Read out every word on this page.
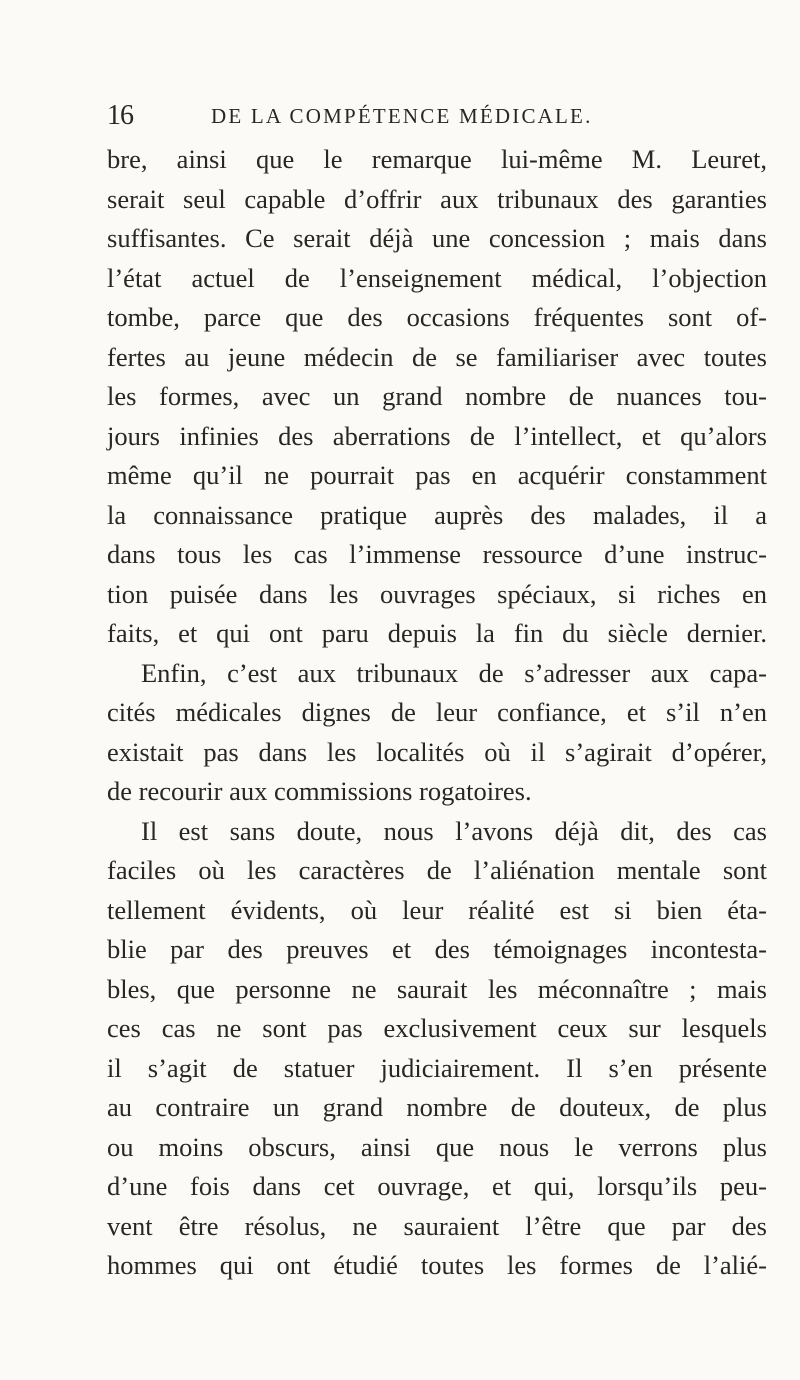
16	DE LA COMPÉTENCE MÉDICALE.
bre, ainsi que le remarque lui-même M. Leuret,
serait seul capable d’offrir aux tribunaux des garanties
suffisantes. Ce serait déjà une concession ; mais dans
l’état actuel de l’enseignement médical, l’objection
tombe, parce que des occasions fréquentes sont of-
fertes au jeune médecin de se familiariser avec toutes
les formes, avec un grand nombre de nuances tou-
jours infinies des aberrations de l’intellect, et qu’alors
même qu’il ne pourrait pas en acquérir constamment
la connaissance pratique auprès des malades, il a
dans tous les cas l’immense ressource d’une instruc-
tion puisée dans les ouvrages spéciaux, si riches en
faits, et qui ont paru depuis la fin du siècle dernier.
Enfin, c’est aux tribunaux de s’adresser aux capa-
cités médicales dignes de leur confiance, et s’il n’en
existait pas dans les localités où il s’agirait d’opérer,
de recourir aux commissions rogatoires.
Il est sans doute, nous l’avons déjà dit, des cas
faciles où les caractères de l’aliénation mentale sont
tellement évidents, où leur réalité est si bien éta-
blie par des preuves et des témoignages incontesta-
bles, que personne ne saurait les méconnaître ; mais
ces cas ne sont pas exclusivement ceux sur lesquels
il s’agit de statuer judiciairement. Il s’en présente
au contraire un grand nombre de douteux, de plus
ou moins obscurs, ainsi que nous le verrons plus
d’une fois dans cet ouvrage, et qui, lorsqu’ils peu-
vent être résolus, ne sauraient l’être que par des
hommes qui ont étudié toutes les formes de l’alié-
